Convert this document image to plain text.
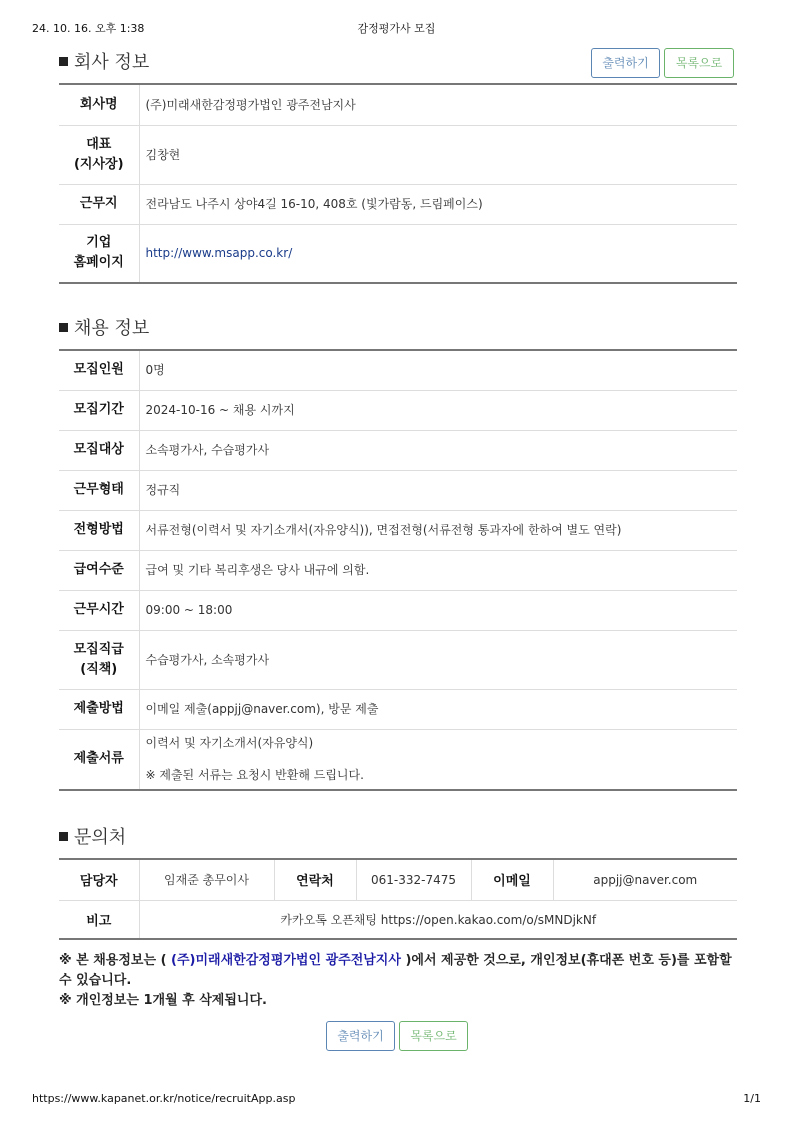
24. 10. 16. 오후 1:38	감정평가사 모집
회사 정보	출력하기	목록으로
회사명	(주)미래새한감정평가법인 광주전남지사
대표
(지사장)	김창현
근무지	전라남도 나주시 상야4길 16-10, 408호 (빛가람동, 드림페이스)
기업
홈페이지	http://www.msapp.co.kr/
채용 정보
모집인원	0명
모집기간	2024-10-16 ~ 채용 시까지
모집대상	소속평가사, 수습평가사
근무형태	정규직
전형방법	서류전형(이력서 및 자기소개서(자유양식)), 면접전형(서류전형 통과자에 한하여 별도 연락)
급여수준	급여 및 기타 복리후생은 당사 내규에 의함.
근무시간	09:00 ~ 18:00
모집직급
(직책)	수습평가사, 소속평가사
제출방법	이메일 제출(appjj@naver.com), 방문 제출
제출서류	이력서 및 자기소개서(자유양식)

※ 제출된 서류는 요청시 반환해 드립니다.
문의처
담당자	임재준 총무이사	연락처	061-332-7475	이메일	appjj@naver.com
비고	카카오톡 오픈채팅 https://open.kakao.com/o/sMNDjkNf				
※ 본 채용정보는 ( (주)미래새한감정평가법인 광주전남지사 )에서 제공한 것으로, 개인정보(휴대폰 번호 등)를 포함할 수 있습니다.
※ 개인정보는 1개월 후 삭제됩니다.
출력하기	목록으로
https://www.kapanet.or.kr/notice/recruitApp.asp	1/1
